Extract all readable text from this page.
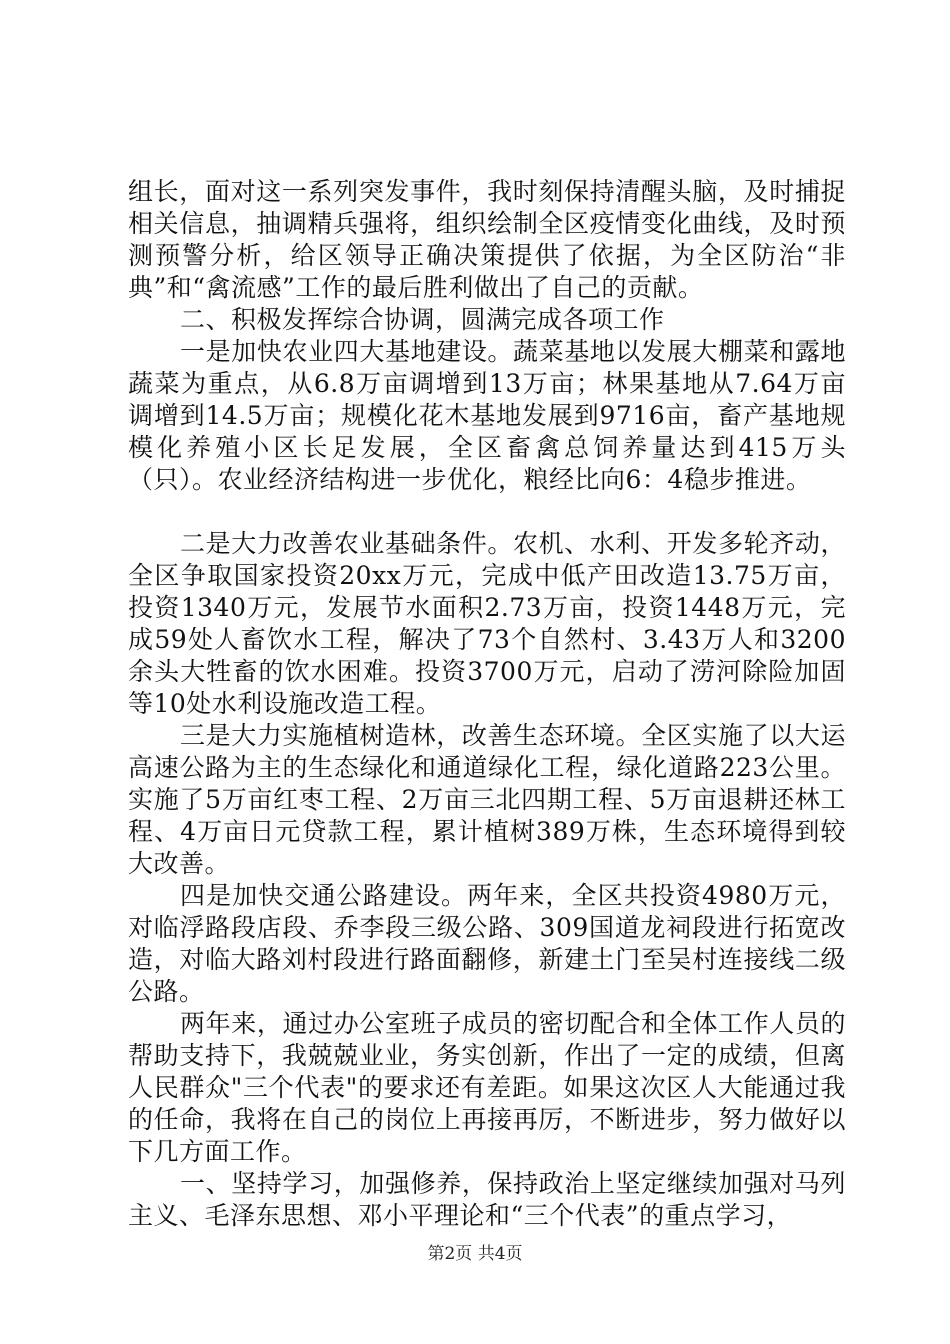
组长，面对这一系列突发事件，我时刻保持清醒头脑，及时捕捉相关信息，抽调精兵强将，组织绘制全区疫情变化曲线，及时预测预警分析，给区领导正确决策提供了依据，为全区防治“非典”和“禽流感”工作的最后胜利做出了自己的贡献。

二、积极发挥综合协调，圆满完成各项工作

一是加快农业四大基地建设。蔬菜基地以发展大棚菜和露地蔬菜为重点，从6.8万亩调增到13万亩；林果基地从7.64万亩调增到14.5万亩；规模化花木基地发展到9716亩，畜产基地规模化养殖小区长足发展，全区畜禽总饲养量达到415万头（只）。农业经济结构进一步优化，粮经比向6：4稳步推进。

二是大力改善农业基础条件。农机、水利、开发多轮齐动，全区争取国家投资20xx万元，完成中低产田改造13.75万亩，投资1340万元，发展节水面积2.73万亩，投资1448万元，完成59处人畜饮水工程，解决了73个自然村、3.43万人和3200余头大牲畜的饮水困难。投资3700万元，启动了涝河除险加固等10处水利设施改造工程。

三是大力实施植树造林，改善生态环境。全区实施了以大运高速公路为主的生态绿化和通道绿化工程，绿化道路223公里。实施了5万亩红枣工程、2万亩三北四期工程、5万亩退耕还林工程、4万亩日元贷款工程，累计植树389万株，生态环境得到较大改善。

四是加快交通公路建设。两年来，全区共投资4980万元，对临浮路段店段、乔李段三级公路、309国道龙祠段进行拓宽改造，对临大路刘村段进行路面翻修，新建土门至吴村连接线二级公路。

两年来，通过办公室班子成员的密切配合和全体工作人员的帮助支持下，我兢兢业业，务实创新，作出了一定的成绩，但离人民群众"三个代表"的要求还有差距。如果这次区人大能通过我的任命，我将在自己的岗位上再接再厉，不断进步，努力做好以下几方面工作。

一、坚持学习，加强修养，保持政治上坚定继续加强对马列主义、毛泽东思想、邓小平理论和“三个代表”的重点学习，

第2页 共4页
